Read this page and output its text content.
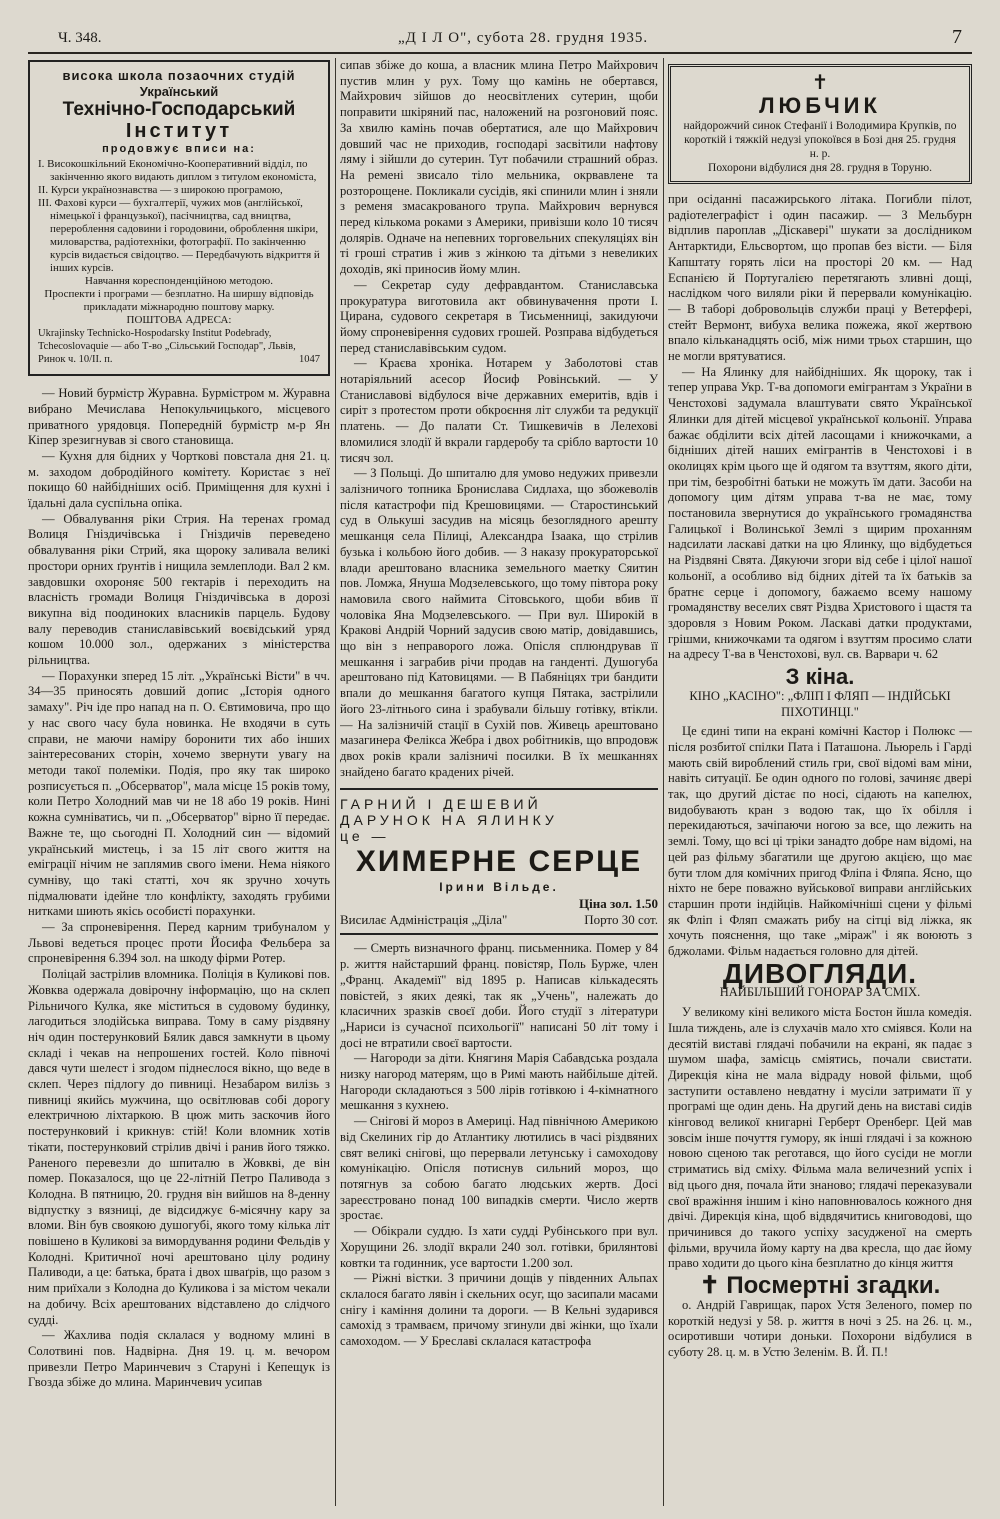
Ч. 348.	„Д І Л О", субота 28. грудня 1935.	7
висока школа позаочних студій
Український
Технічно-Господарський
Інститут
продовжує вписи на:
І. Високошкільний Економічно-Кооперативний відділ, по закінченню якого видають диплом з титулом економіста,
II. Курси українознавства — з широкою програмою,
III. Фахові курси — бухгалтерії, чужих мов (англійської, німецької і французької), пасічництва, сад вництва, перероблення садовини і городовини, оброблення шкіри, миловарства, радіотехніки, фотографії. По закінченню курсів видається свідоцтво. — Передбачують відкриття й інших курсів.
Навчання кореспонденційною методою.
Проспекти і програми — безплатно. На ширшу відповідь прикладати міжнародню поштову марку.
ПОШТОВА АДРЕСА:
Ukrajinsky Technicko-Hospodarsky Institut Podebrady, Tchecoslovaquie — або Т-во „Сільський Господар", Львів, Ринок ч. 10/II. п.	1047

— Новий бурмістр Журавна. Бурмістром м. Журавна вибрано Мечислава Непокульчицького, місцевого приватного урядовця. Попередній бурмістр м-р Ян Кіпер зрезигнував зі свого становища.

— Кухня для бідних у Чорткові повстала дня 21. ц. м. заходом добродійного комітету. Користає з неї покищо 60 найбідніших осіб. Приміщення для кухні і їдальні дала суспільна опіка.

— Обвалування ріки Стрия. На теренах громад Волиця Гніздичівська і Гніздичів переведено обвалування ріки Стрий, яка щороку заливала великі простори орних ґрунтів і нищила землеплоди. Вал 2 км. завдовшки охороняє 500 гектарів і переходить на власність громади Волиця Гніздичівська в дорозі викупна від поодиноких власників парцель. Будову валу переводив станиславівський воєвідський уряд кошом 10.000 зол., одержаних з міністерства рільництва.

— Порахунки зперед 15 літ. „Українські Вісти" в чч. 34—35 приносять довший допис „Історія одного замаху". Річ іде про напад на п. О. Євтимовича, про що у нас свого часу була новинка. Не входячи в суть справи, не маючи наміру боронити тих або інших заінтересованих сторін, хочемо звернути увагу на методи такої полеміки. Подія, про яку так широко розписується п. „Обсерватор", мала місце 15 років тому, коли Петро Холодний мав чи не 18 або 19 років. Нині кожна сумніватись, чи п. „Обсерватор" вірно її передає. Важне те, що сьогодні П. Холодний син — відомий український мистець, і за 15 літ свого життя на еміграції нічим не заплямив свого імени. Нема ніякого сумніву, що такі статті, хоч як зручно хочуть підмалювати ідейне тло конфлікту, заходять грубими нитками шиють якісь особисті порахунки.

— За спроневірення. Перед карним трибуналом у Львові ведеться процес проти Йосифа Фельбера за спроневірення 6.394 зол. на шкоду фірми Ротер.

Поліцай застрілив вломника. Поліція в Куликові пов. Жовква одержала довірочну інформацію, що на склеп Рільничого Кулка, яке міститься в судовому будинку, лагодиться злодійська виправа. Тому в саму різдвяну ніч один постерунковий Бялик дався замкнути в цьому складі і чекав на непрошених гостей. Коло півночі дався чути шелест і згодом піднеслося вікно, що веде в склеп. Через підлогу до пивниці. Незабаром вилізь з пивниці якийсь мужчина, що освітлював собі дорогу електричною ліхтаркою. В цюж мить заскочив його постерунковий і крикнув: стій! Коли вломник хотів тікати, постерунковий стрілив двічі і ранив його тяжко. Раненого перевезли до шпиталю в Жовкві, де він помер. Показалося, що це 22-літній Петро Паливода з Колодна. В пятницю, 20. грудня він вийшов на 8-денну відпустку з вязниці, де відсиджує 6-місячну кару за вломи. Він був своякою душогубі, якого тому кілька літ повішено в Куликові за вимордування родини Фельдів у Колодні. Критичної ночі арештовано цілу родину Паливоди, а це: батька, брата і двох шваґрів, що разом з ним приїхали з Колодна до Куликова і за містом чекали на добичу. Всіх арештованих відставлено до слідчого судді.

— Жахлива подія склалася у водному млині в Солотвині пов. Надвірна. Дня 19. ц. м. вечором привезли Петро Маринчевич з Старуні і Кепещук із Гвозда збіже до млина. Маринчевич усипав

сипав збіже до коша, а власник млина Петро Майхрович пустив млин у рух. Тому що камінь не обертався, Майхрович зійшов до неосвітлених сутерин, щоби поправити шкіряний пас, наложений на розгоновий пояс. За хвилю камінь почав обертатися, але що Майхрович довший час не приходив, господарі засвітили нафтову ляму і зійшли до сутерин. Тут побачили страшний образ. На ремені звисало тіло мельника, окрвавлене та розторощене. Покликали сусідів, які спинили млин і зняли з ременя змасакрованого трупа. Майхрович вернувся перед кількома роками з Америки, привізши коло 10 тисяч долярів. Одначе на непевних торговельних спекуляціях він ті гроші стратив і жив з жінкою та дітьми з невеликих доходів, які приносив йому млин.

— Секретар суду дефравдантом. Станиславська прокуратура виготовила акт обвинувачення проти І. Цирана, судового секретаря в Тисьменниці, закидуючи йому спроневірення судових грошей. Розправа відбудеться перед станиславівським судом.

— Краєва хроніка. Нотарем у Заболотові став нотаріяльний асесор Йосиф Ровінський. — У Станиславові відбулося віче державних емеритів, вдів і сиріт з протестом проти обкроєння літ служби та редукції платень. — До палати Ст. Тишкевичів в Лелехові вломилися злодії й вкрали гардеробу та срібло вартости 10 тисяч зол.

— З Польщі. До шпиталю для умово недужих привезли залізничого топника Бронислава Сидлаха, що збожеволів після катастрофи під Крешовицями. — Старостинський суд в Олькуші засудив на місяць безоглядного арешту мешканця села Пілиці, Александра Ізаака, що стрілив бузька і кольбою його добив. — З наказу прокураторської влади арештовано власника земельного маетку Сяитин пов. Ломжа, Януша Модзелевського, що тому півтора року намовила свого наймита Сітовського, щоби вбив її чоловіка Яна Модзелевського. — При вул. Широкій в Кракові Андрій Чорний задусив свою матір, довідавшись, що він з неправорого ложа. Опісля сплюндрував її мешкання і заграбив річи продав на ганденті. Душогуба арештовано під Катовицями. — В Пабяніцях три бандити впали до мешкання багатого купця Пятака, застрілили його 23-літнього сина і зрабували більшу готівку, втікли. — На залізничій стації в Сухій пов. Живець арештовано мазагинера Фелікса Жебра і двох робітників, що впродовж двох років крали залізничі посилки. В їх мешканнях знайдено багато крадених річей.

ГАРНИЙ І ДЕШЕВИЙ
ДАРУНОК НА ЯЛИНКУ
це —
ХИМЕРНЕ СЕРЦЕ
Ірини Вільде.
Ціна зол. 1.50
Висилає Адміністрація „Діла"	Порто 30 сот.

— Смерть визначного франц. письменника. Помер у 84 р. життя найстарший франц. повістяр, Поль Бурже, член „Франц. Академії" від 1895 р. Написав кількадесять повістей, з яких деякі, так як „Учень", належать до класичних зразків своєї доби. Його студії з літератури „Нариси із сучасної психольогії" написані 50 літ тому і досі не втратили своєї вартости.

— Нагороди за діти. Княгиня Марія Сабавдська роздала низку нагород матерям, що в Римі мають найбільше дітей. Нагороди складаються з 500 лірів готівкою і 4-кімнатного мешкання з кухнею.

— Снігові й мороз в Америці. Над північною Америкою від Скелиних гір до Атлантику лютились в часі різдвяних свят великі снігові, що перервали летунську і самоходову комунікацію. Опісля потиснув сильний мороз, що потягнув за собою багато людських жертв. Досі зареєстровано понад 100 випадків смерти. Число жертв зростає.

— Обікрали суддю. Із хати судді Рубінського при вул. Хорущини 26. злодії вкрали 240 зол. готівки, брилянтові ковтки та годинник, усе вартости 1.200 зол.

— Ріжні вістки. З причини дощів у південних Альпах склалося багато лявін і скельних осуг, що засипали масами снігу і каміння долини та дороги. — В Кельні зударився самохід з трамваєм, причому згинули дві жінки, що їхали самоходом. — У Бреславі склалася катастрофа

✝
ЛЮБЧИК
найдорожчий синок Стефанії і Володимира Крупків, по короткій і тяжкій недузі упокоївся в Бозі дня 25. грудня н. р.
Похорони відбулися дня 28. грудня в Торуню.

при осіданні пасажирського літака. Погибли пілот, радіотелеграфіст і один пасажир. — З Мельбурн відплив пароплав „Діскавері" шукати за дослідником Антарктиди, Ельсвортом, що пропав без вісти. — Біля Капштату горять ліси на просторі 20 км. — Над Еспанією й Португалією перетягають зливні дощі, наслідком чого виляли ріки й перервали комунікацію. — В таборі добровольців служби праці у Ветерфері, стейт Вермонт, вибуха велика пожежа, якої жертвою впало кільканадцять осіб, між ними трьох старшин, що не могли врятуватися.

— На Ялинку для найбідніших. Як щороку, так і тепер управа Укр. Т-ва допомоги емігрантам з України в Ченстохові задумала влаштувати свято Української Ялинки для дітей місцевої української кольонії. Управа бажає обділити всіх дітей ласощами і книжочками, а бідніших дітей наших емігрантів в Ченстохові і в околицях крім цього ще й одягом та взуттям, якого діти, при тім, безробітні батьки не можуть їм дати. Засоби на допомогу цим дітям управа т-ва не має, тому постановила звернутися до українського громадянства Галицької і Волинської Землі з щирим проханням надсилати ласкаві датки на цю Ялинку, що відбудеться на Різдвяні Свята. Дякуючи згори від себе і цілої нашої кольонії, а особливо від бідних дітей та їх батьків за братнє серце і допомогу, бажаємо всему нашому громадянству веселих свят Різдва Христового і щастя та здоровля з Новим Роком. Ласкаві датки продуктами, грішми, книжочками та одягом і взуттям просимо слати на адресу Т-ва в Ченстохові, вул. св. Варвари ч. 62

З кіна.
КІНО „КАСІНО": „ФЛІП І ФЛЯП — ІНДІЙСЬКІ ПІХОТИНЦІ."

Це єдині типи на екрані комічні Кастор і Полюкс — після розбитої спілки Пата і Паташона. Льюрель і Гарді мають свій вироблений стиль гри, свої відомі вам міни, навіть ситуації. Бе один одного по голові, зачиняє двері так, що другий дістає по носі, сідають на капелюх, видобувають кран з водою так, що їх обілля і перекидаються, зачіпаючи ногою за все, що лежить на землі. Тому, що всі ці тріки занадто добре нам відомі, на цей раз фільму збагатили ще другою акцією, що має бути тлом для комічних пригод Фліпа і Фляпа. Ясно, що ніхто не бере поважно вуйськової виправи англійських старшин проти індійців. Найкомічніші сцени у фільмі як Фліп і Фляп смажать рибу на сітці від ліжка, як хочуть пояснення, що таке „міраж" і як воюють з бджолами. Фільм надається головно для дітей.

ДИВОГЛЯДИ.
НАЙБІЛЬШИЙ ГОНОРАР ЗА СМІХ.

У великому кіні великого міста Бостон йшла комедія. Ішла тиждень, але із слухачів мало хто сміявся. Коли на десятій виставі глядачі побачили на екрані, як падає з шумом шафа, замісць сміятись, почали свистати. Дирекція кіна не мала відраду новой фільми, щоб заступити оставлено невдатну і мусіли затримати її у програмі ще один день. На другий день на виставі сидів кінговод великої книгарні Герберт Оренберг. Цей мав зовсім інше почуття гумору, як інші глядачі і за кожною новою сценою так реготався, що його сусіди не могли стриматись від сміху. Фільма мала величезний успіх і від цього дня, почала йти знаново; глядачі переказували свої вражіння іншим і кіно наповнювалось кожного дня двічі. Дирекція кіна, щоб відвдячитись книговодові, що причинився до такого успіху засудженої на смерть фільми, вручила йому карту на два кресла, що дає йому право ходити до цього кіна безплатно до кінця життя

✝ Посмертні згадки.

о. Андрій Гаврищак, парох Устя Зеленого, помер по короткій недузі у 58. р. життя в ночі з 25. на 26. ц. м., осиротивши чотири доньки. Похорони відбулися в суботу 28. ц. м. в Устю Зеленім. В. Й. П.!
